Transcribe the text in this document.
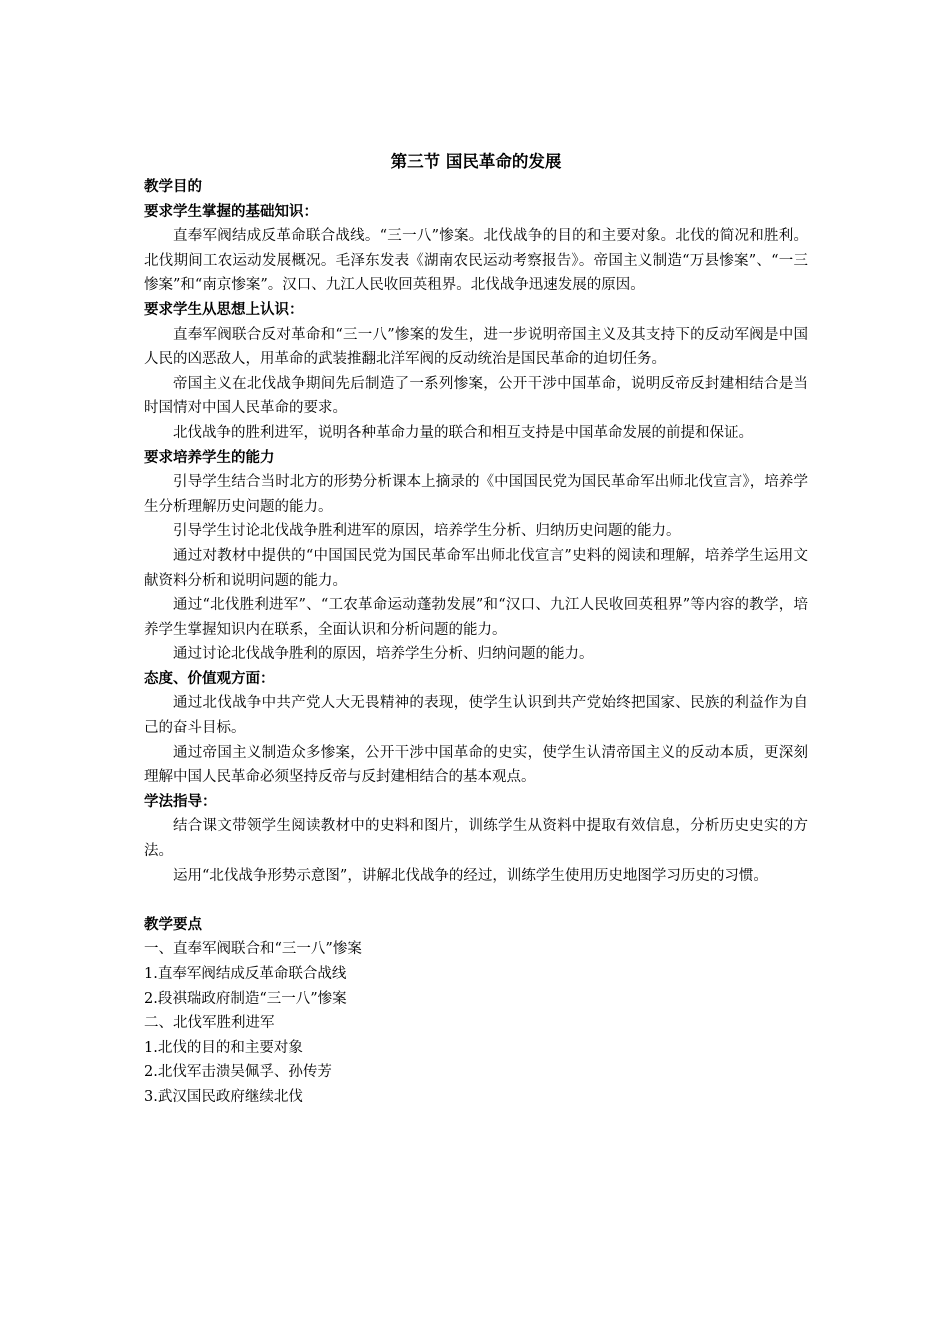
第三节 国民革命的发展

教学目的

要求学生掌握的基础知识：

直奉军阀结成反革命联合战线。“三一八”惨案。北伐战争的目的和主要对象。北伐的简况和胜利。北伐期间工农运动发展概况。毛泽东发表《湖南农民运动考察报告》。帝国主义制造“万县惨案”、“一三惨案”和“南京惨案”。汉口、九江人民收回英租界。北伐战争迅速发展的原因。

要求学生从思想上认识：

直奉军阀联合反对革命和“三一八”惨案的发生，进一步说明帝国主义及其支持下的反动军阀是中国人民的凶恶敌人，用革命的武装推翻北洋军阀的反动统治是国民革命的迫切任务。

帝国主义在北伐战争期间先后制造了一系列惨案，公开干涉中国革命，说明反帝反封建相结合是当时国情对中国人民革命的要求。

北伐战争的胜利进军，说明各种革命力量的联合和相互支持是中国革命发展的前提和保证。

要求培养学生的能力

引导学生结合当时北方的形势分析课本上摘录的《中国国民党为国民革命军出师北伐宣言》，培养学生分析理解历史问题的能力。

引导学生讨论北伐战争胜利进军的原因，培养学生分析、归纳历史问题的能力。

通过对教材中提供的“中国国民党为国民革命军出师北伐宣言”史料的阅读和理解，培养学生运用文献资料分析和说明问题的能力。

通过“北伐胜利进军”、“工农革命运动蓬勃发展”和“汉口、九江人民收回英租界”等内容的教学，培养学生掌握知识内在联系，全面认识和分析问题的能力。

通过讨论北伐战争胜利的原因，培养学生分析、归纳问题的能力。

态度、价值观方面：

通过北伐战争中共产党人大无畏精神的表现，使学生认识到共产党始终把国家、民族的利益作为自己的奋斗目标。

通过帝国主义制造众多惨案，公开干涉中国革命的史实，使学生认清帝国主义的反动本质，更深刻理解中国人民革命必须坚持反帝与反封建相结合的基本观点。

学法指导：

结合课文带领学生阅读教材中的史料和图片，训练学生从资料中提取有效信息，分析历史史实的方法。

运用“北伐战争形势示意图”，讲解北伐战争的经过，训练学生使用历史地图学习历史的习惯。

教学要点

一、直奉军阀联合和“三一八”惨案

1.直奉军阀结成反革命联合战线

2.段祺瑞政府制造“三一八”惨案

二、北伐军胜利进军

1.北伐的目的和主要对象

2.北伐军击溃吴佩孚、孙传芳

3.武汉国民政府继续北伐
